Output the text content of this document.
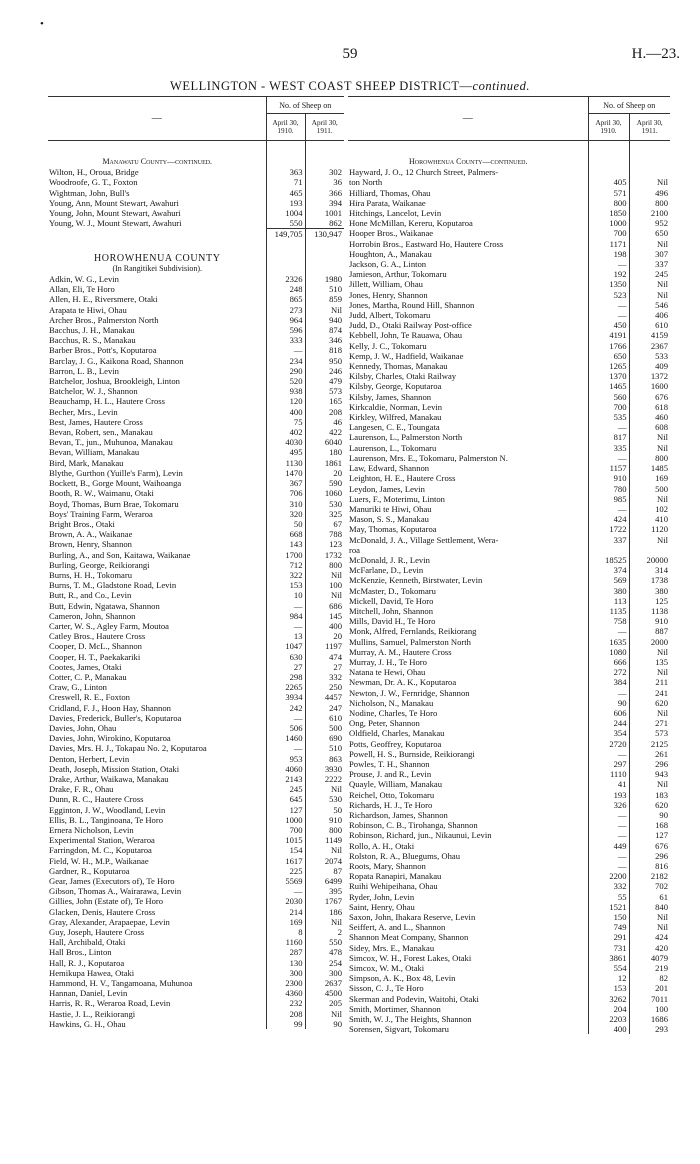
•
59	H.—23.
WELLINGTON - WEST COAST SHEEP DISTRICT—continued.
—	No. of Sheep on	
	April 30, 1910.	April 30, 1911.

Manawatu County—continued.		
Wilton, H., Oroua, Bridge	363	302
Woodroofe, G. T., Foxton	71	36
Wightman, John, Bull's	465	366
Young, Ann, Mount Stewart, Awahuri	193	394
Young, John, Mount Stewart, Awahuri	1004	1001
Young, W. J., Mount Stewart, Awahuri	550	862
	149,705	130,947

HOROWHENUA COUNTY		
(In Rangitikei Subdivision).		
Adkin, W. G., Levin	2326	1980
Allan, Eli, Te Horo	248	510
Allen, H. E., Riversmere, Otaki	865	859
Arapata te Hiwi, Ohau	273	Nil
Archer Bros., Palmerston North	964	940
Bacchus, J. H., Manakau	596	874
Bacchus, R. S., Manakau	333	346
Barber Bros., Pott's, Koputaroa	—	818
Barclay, J. G., Kaikona Road, Shannon	234	950
Barron, L. B., Levin	290	246
Batchelor, Joshua, Brookleigh, Linton	520	479
Batchelor, W. J., Shannon	938	573
Beauchamp, H. L., Hautere Cross	120	165
Becher, Mrs., Levin	400	208
Best, James, Hautere Cross	75	46
Bevan, Robert, sen., Manakau	402	422
Bevan, T., jun., Muhunoa, Manakau	4030	6040
Bevan, William, Manakau	495	180
Bird, Mark, Manakau	1130	1861
Blythe, Gurthon (Yuille's Farm), Levin	1470	20
Bockett, B., Gorge Mount, Waihoanga	367	590
Booth, R. W., Waimanu, Otaki	706	1060
Boyd, Thomas, Burn Brae, Tokomaru	310	530
Boys' Training Farm, Weraroa	320	325
Bright Bros., Otaki	50	67
Brown, A. A., Waikanae	668	788
Brown, Henry, Shannon	143	123
Burling, A., and Son, Kaitawa, Waikanae	1700	1732
Burling, George, Reikiorangi	712	800
Burns, H. H., Tokomaru	322	Nil
Burns, T. M., Gladstone Road, Levin	153	100
Butt, R., and Co., Levin	10	Nil
Butt, Edwin, Ngatawa, Shannon	—	686
Cameron, John, Shannon	984	145
Carter, W. S., Agley Farm, Moutoa	—	400
Catley Bros., Hautere Cross	13	20
Cooper, D. McL., Shannon	1047	1197
Cooper, H. T., Paekakariki	630	474
Cootes, James, Otaki	27	27
Cotter, C. P., Manakau	298	332
Craw, G., Linton	2265	250
Creswell, R. E., Foxton	3934	4457
Cridland, F. J., Hoon Hay, Shannon	242	247
Davies, Frederick, Buller's, Koputaroa	—	610
Davies, John, Ohau	506	500
Davies, John, Wirokino, Koputaroa	1460	690
Davies, Mrs. H. J., Tokapau No. 2, Koputaroa	—	510
Denton, Herbert, Levin	953	863
Death, Joseph, Mission Station, Otaki	4060	3930
Drake, Arthur, Waikawa, Manakau	2143	2222
Drake, F. R., Ohau	245	Nil
Dunn, R. C., Hautere Cross	645	530
Egginton, J. W., Woodland, Levin	127	50
Ellis, B. L., Tanginoana, Te Horo	1000	910
Ernera Nicholson, Levin	700	800
Experimental Station, Weraroa	1015	1149
Farringdon, M. C., Koputaroa	154	Nil
Field, W. H., M.P., Waikanae	1617	2074
Gardner, R., Koputaroa	225	87
Gear, James (Executors of), Te Horo	5569	6499
Gibson, Thomas A., Wairarawa, Levin	—	395
Gillies, John (Estate of), Te Horo	2030	1767
Glacken, Denis, Hautere Cross	214	186
Gray, Alexander, Arapaepae, Levin	169	Nil
Guy, Joseph, Hautere Cross	8	2
Hall, Archibald, Otaki	1160	550
Hall Bros., Linton	287	478
Hall, R. J., Koputaroa	130	254
Hemikupa Hawea, Otaki	300	300
Hammond, H. V., Tangamoana, Muhunoa	2300	2637
Hannan, Daniel, Levin	4360	4500
Harris, R. R., Weraroa Road, Levin	232	205
Hastie, J. L., Reikiorangi	208	Nil
Hawkins, G. H., Ohau	99	90
—	No. of Sheep on	
	April 30, 1910.	April 30, 1911.

Horowhenua County—continued.		
Hayward, J. O., 12 Church Street, Palmers-		
ton North	405	Nil
Hilliard, Thomas, Ohau	571	496
Hira Parata, Waikanae	800	800
Hitchings, Lancelot, Levin	1850	2100
Hone McMillan, Kereru, Koputaroa	1000	952
Hooper Bros., Waikanae	700	650
Horrobin Bros., Eastward Ho, Hautere Cross	1171	Nil
Houghton, A., Manakau	198	307
Jackson, G. A., Linton	—	337
Jamieson, Arthur, Tokomaru	192	245
Jillett, William, Ohau	1350	Nil
Jones, Henry, Shannon	523	Nil
Jones, Martha, Round Hill, Shannon	—	546
Judd, Albert, Tokomaru	—	406
Judd, D., Otaki Railway Post-office	450	610
Kebbell, John, Te Rauawa, Ohau	4191	4159
Kelly, J. C., Tokomaru	1766	2367
Kemp, J. W., Hadfield, Waikanae	650	533
Kennedy, Thomas, Manakau	1265	409
Kilsby, Charles, Otaki Railway	1370	1372
Kilsby, George, Koputaroa	1465	1600
Kilsby, James, Shannon	560	676
Kirkcaldie, Norman, Levin	700	618
Kirkley, Wilfred, Manakau	535	460
Langesen, C. E., Toungata	—	608
Laurenson, L., Palmerston North	817	Nil
Laurenson, L., Tokomaru	335	Nil
Laurenson, Mrs. E., Tokomaru, Palmerston N.	—	800
Law, Edward, Shannon	1157	1485
Leighton, H. E., Hautere Cross	910	169
Leydon, James, Levin	780	500
Luers, F., Moterimu, Linton	985	Nil
Manuriki te Hiwi, Ohau	—	102
Mason, S. S., Manakau	424	410
May, Thomas, Koputaroa	1722	1120
McDonald, J. A., Village Settlement, Wera-	337	Nil
roa		
McDonald, J. R., Levin	18525	20000
McFarlane, D., Levin	374	314
McKenzie, Kenneth, Birstwater, Levin	569	1738
McMaster, D., Tokomaru	380	380
Mickell, David, Te Horo	113	125
Mitchell, John, Shannon	1135	1138
Mills, David H., Te Horo	758	910
Monk, Alfred, Fernlands, Reikiorang	—	887
Mullins, Samuel, Palmerston North	1635	2000
Murray, A. M., Hautere Cross	1080	Nil
Murray, J. H., Te Horo	666	135
Natana te Hewi, Ohau	272	Nil
Newman, Dr. A. K., Koputaroa	384	211
Newton, J. W., Fernridge, Shannon	—	241
Nicholson, N., Manakau	90	620
Nodine, Charles, Te Horo	606	Nil
Ong, Peter, Shannon	244	271
Oldfield, Charles, Manakau	354	573
Potts, Geoffrey, Koputaroa	2720	2125
Powell, H. S., Burnside, Reikiorangi	—	261
Powles, T. H., Shannon	297	296
Prouse, J. and R., Levin	1110	943
Quayle, William, Manakau	41	Nil
Reichel, Otto, Tokomaru	193	183
Richards, H. J., Te Horo	326	620
Richardson, James, Shannon	—	90
Robinson, C. B., Tirohanga, Shannon	—	168
Robinson, Richard, jun., Nikaunui, Levin	—	127
Rollo, A. H., Otaki	449	676
Rolston, R. A., Bluegums, Ohau	—	296
Roots, Mary, Shannon	—	816
Ropata Ranapiri, Manakau	2200	2182
Ruihi Wehipeihana, Ohau	332	702
Ryder, John, Levin	55	61
Saint, Henry, Ohau	1521	840
Saxon, John, Ihakara Reserve, Levin	150	Nil
Seiffert, A. and L., Shannon	749	Nil
Shannon Meat Company, Shannon	291	424
Sidey, Mrs. E., Manakau	731	420
Simcox, W. H., Forest Lakes, Otaki	3861	4079
Simcox, W. M., Otaki	554	219
Simpson, A. K., Box 48, Levin	12	82
Sisson, C. J., Te Horo	153	201
Skerman and Podevin, Waitohi, Otaki	3262	7011
Smith, Mortimer, Shannon	204	100
Smith, W. J., The Heights, Shannon	2203	1686
Sorensen, Sigvart, Tokomaru	400	293
